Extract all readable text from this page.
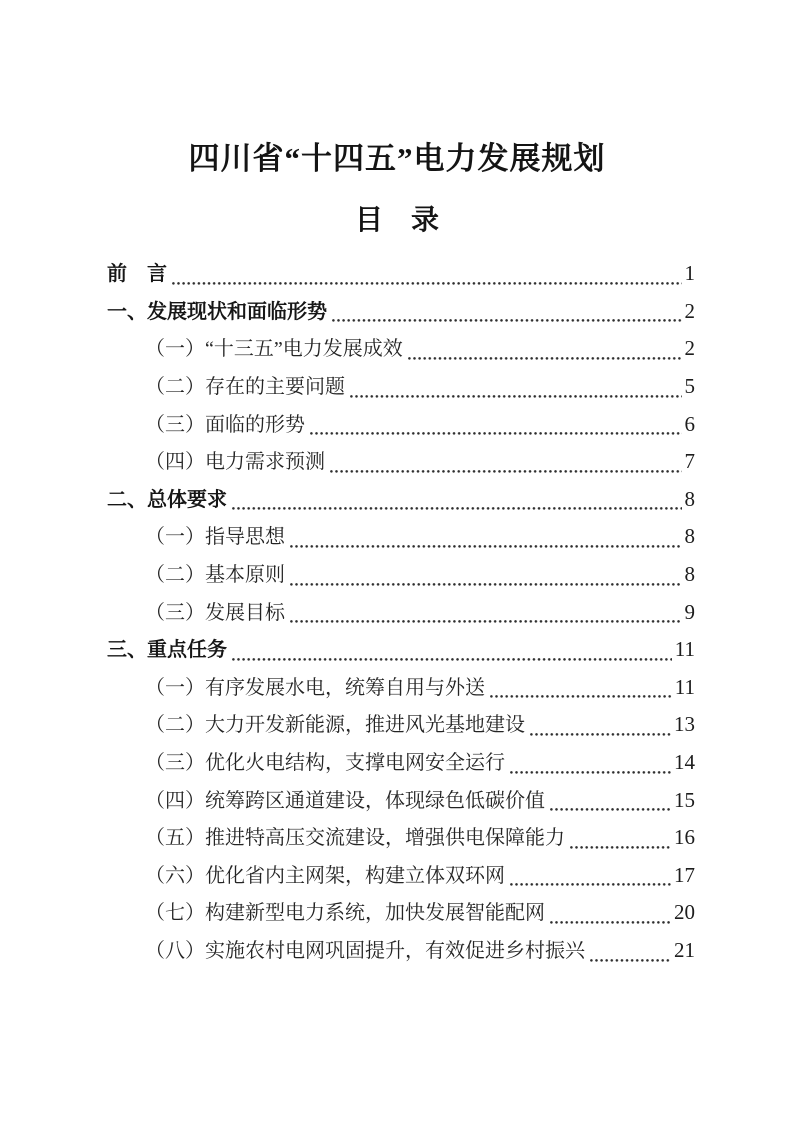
四川省“十四五”电力发展规划
目　录
前　言	1
一、发展现状和面临形势	2
（一）“十三五”电力发展成效	2
（二）存在的主要问题	5
（三）面临的形势	6
（四）电力需求预测	7
二、总体要求	8
（一）指导思想	8
（二）基本原则	8
（三）发展目标	9
三、重点任务	11
（一）有序发展水电，统筹自用与外送	11
（二）大力开发新能源，推进风光基地建设	13
（三）优化火电结构，支撑电网安全运行	14
（四）统筹跨区通道建设，体现绿色低碳价值	15
（五）推进特高压交流建设，增强供电保障能力	16
（六）优化省内主网架，构建立体双环网	17
（七）构建新型电力系统，加快发展智能配网	20
（八）实施农村电网巩固提升，有效促进乡村振兴	21
